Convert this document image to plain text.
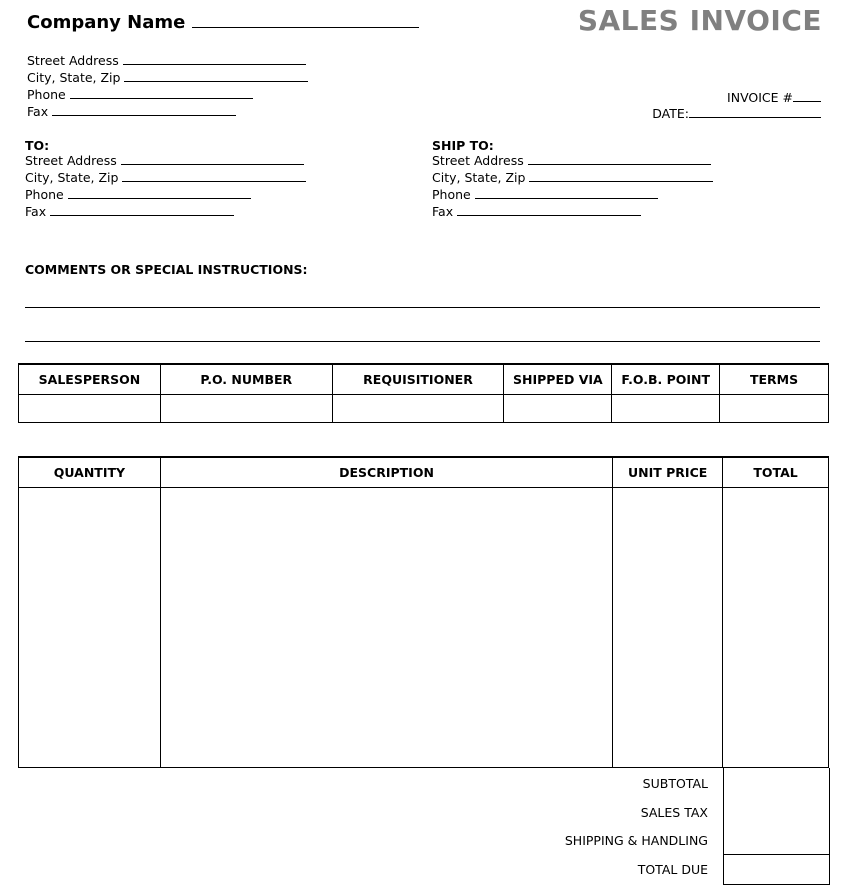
Company Name	SALES INVOICE
Street Address
City, State, Zip
Phone
Fax
INVOICE #
DATE:
TO:
Street Address
City, State, Zip
Phone
Fax
SHIP TO:
Street Address
City, State, Zip
Phone
Fax
COMMENTS OR SPECIAL INSTRUCTIONS:
SALESPERSON	P.O. NUMBER	REQUISITIONER	SHIPPED VIA	F.O.B. POINT	TERMS

QUANTITY	DESCRIPTION	UNIT PRICE	TOTAL

SUBTOTAL
SALES TAX
SHIPPING & HANDLING
TOTAL DUE
